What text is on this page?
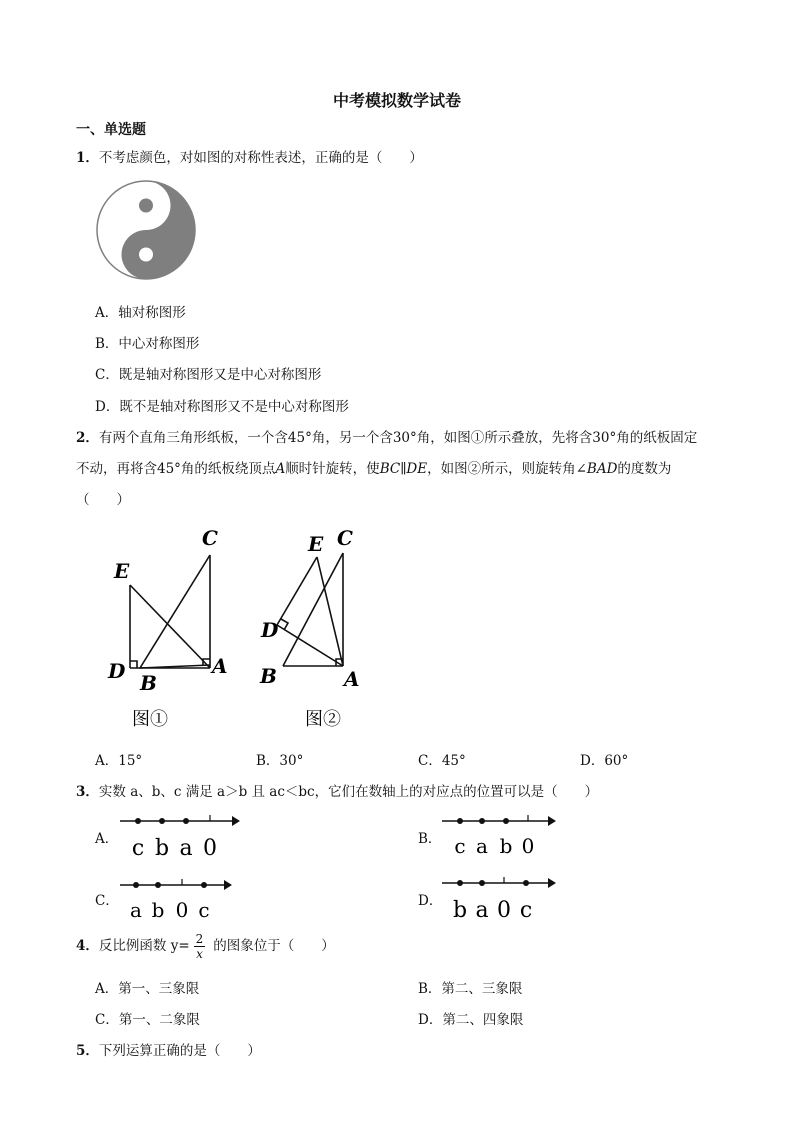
中考模拟数学试卷
一、单选题
1．不考虑颜色，对如图的对称性表述，正确的是（　　）
A．轴对称图形
B．中心对称图形
C．既是轴对称图形又是中心对称图形
D．既不是轴对称图形又不是中心对称图形
2．有两个直角三角形纸板，一个含45°角，另一个含30°角，如图①所示叠放，先将含30°角的纸板固定
不动，再将含45°角的纸板绕顶点A顺时针旋转，使BC∥DE，如图②所示，则旋转角∠BAD的度数为
（　　）
C
E
D B
A
图①
E C
D
B	A
图②
A．15°	B．30°	C．45°	D．60°
3．实数 a、b、c 满足 a＞b 且 ac＜bc，它们在数轴上的对应点的位置可以是（　　）
A． c b a 0	B． c a b 0
C． a b 0 c	D． b a 0 c
4．反比例函数 $y= \frac{2}{x}$ 的图象位于（　　）
A．第一、三象限	B．第二、三象限
C．第一、二象限	D．第二、四象限
5．下列运算正确的是（　　）
